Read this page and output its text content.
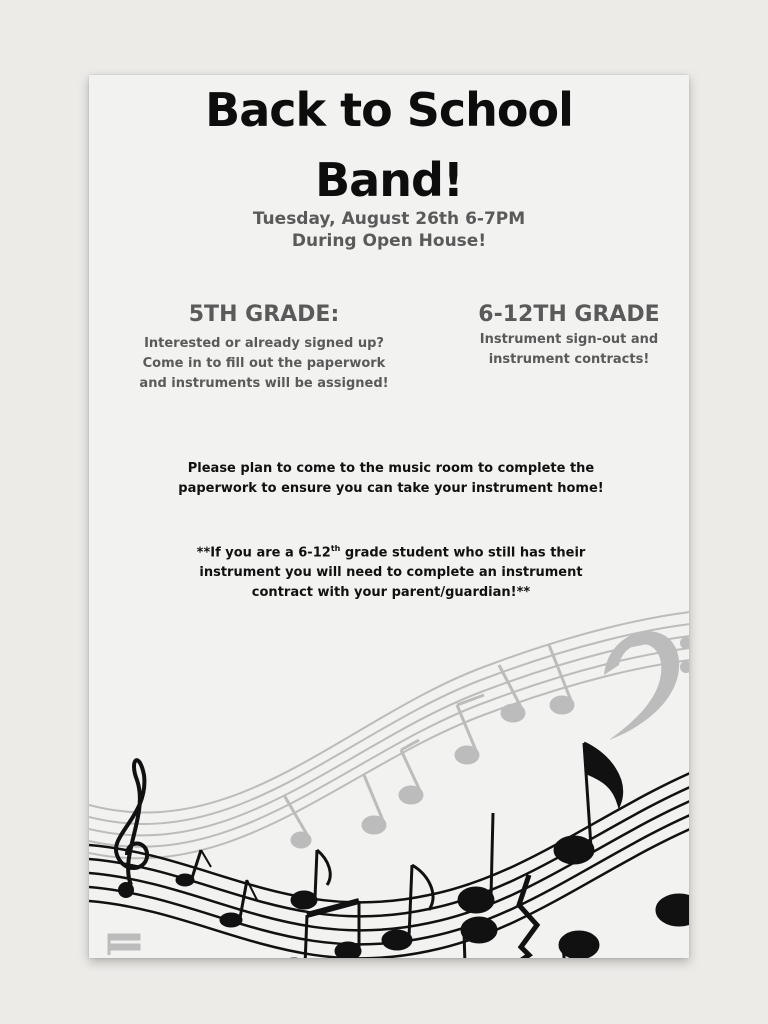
Back to School
Band!
Tuesday, August 26th 6-7PM
During Open House!
5TH GRADE:

Interested or already signed up?
Come in to fill out the paperwork
and instruments will be assigned!

6-12TH GRADE

Instrument sign-out and
instrument contracts!

Please plan to come to the music room to complete the paperwork to ensure you can take your instrument home!

**If you are a 6-12th grade student who still has their instrument you will need to complete an instrument contract with your parent/guardian!**
